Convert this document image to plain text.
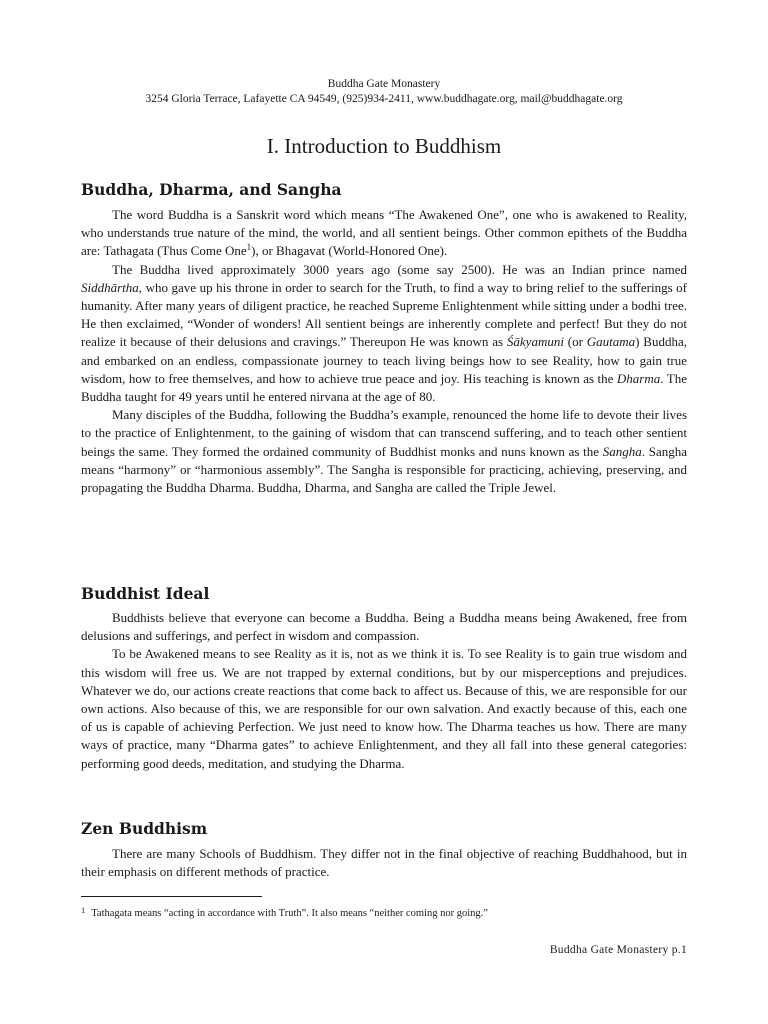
Buddha Gate Monastery
3254 Gloria Terrace, Lafayette CA 94549, (925)934-2411, www.buddhagate.org, mail@buddhagate.org
I. Introduction to Buddhism
Buddha, Dharma, and Sangha

The word Buddha is a Sanskrit word which means “The Awakened One”, one who is awakened to Reality, who understands true nature of the mind, the world, and all sentient beings. Other common epithets of the Buddha are: Tathagata (Thus Come One$^1$), or Bhagavat (World-Honored One).

The Buddha lived approximately 3000 years ago (some say 2500). He was an Indian prince named Siddhārtha, who gave up his throne in order to search for the Truth, to find a way to bring relief to the sufferings of humanity. After many years of diligent practice, he reached Supreme Enlightenment while sitting under a bodhi tree. He then exclaimed, “Wonder of wonders! All sentient beings are inherently complete and perfect! But they do not realize it because of their delusions and cravings.” Thereupon He was known as Śākyamuni (or Gautama) Buddha, and embarked on an endless, compassionate journey to teach living beings how to see Reality, how to gain true wisdom, how to free themselves, and how to achieve true peace and joy. His teaching is known as the Dharma. The Buddha taught for 49 years until he entered nirvana at the age of 80.

Many disciples of the Buddha, following the Buddha’s example, renounced the home life to devote their lives to the practice of Enlightenment, to the gaining of wisdom that can transcend suffering, and to teach other sentient beings the same. They formed the ordained community of Buddhist monks and nuns known as the Sangha. Sangha means “harmony” or “harmonious assembly”. The Sangha is responsible for practicing, achieving, preserving, and propagating the Buddha Dharma. Buddha, Dharma, and Sangha are called the Triple Jewel.

Buddhist Ideal

Buddhists believe that everyone can become a Buddha. Being a Buddha means being Awakened, free from delusions and sufferings, and perfect in wisdom and compassion.

To be Awakened means to see Reality as it is, not as we think it is. To see Reality is to gain true wisdom and this wisdom will free us. We are not trapped by external conditions, but by our misperceptions and prejudices. Whatever we do, our actions create reactions that come back to affect us. Because of this, we are responsible for our own actions. Also because of this, we are responsible for our own salvation. And exactly because of this, each one of us is capable of achieving Perfection. We just need to know how. The Dharma teaches us how. There are many ways of practice, many “Dharma gates” to achieve Enlightenment, and they all fall into these general categories: performing good deeds, meditation, and studying the Dharma.

Zen Buddhism

There are many Schools of Buddhism. They differ not in the final objective of reaching Buddhahood, but in their emphasis on different methods of practice.

$^1$ Tathagata means “acting in accordance with Truth”. It also means “neither coming nor going.”
Buddha Gate Monastery p.1
